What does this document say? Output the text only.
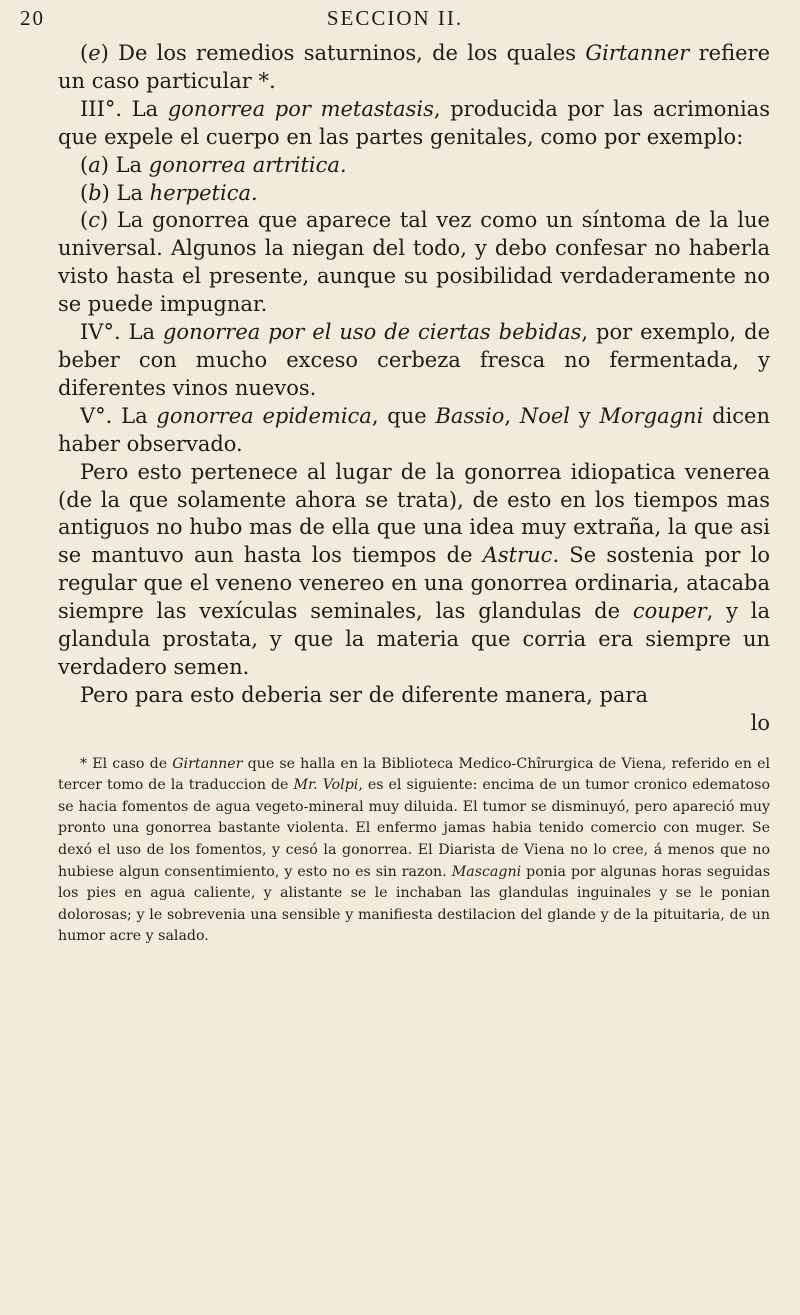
20	SECCION II.

(e) De los remedios saturninos, de los quales Girtanner refiere un caso particular *.

III°. La gonorrea por metastasis, producida por las acrimonias que expele el cuerpo en las partes genitales, como por exemplo:

(a) La gonorrea artritica.

(b) La herpetica.

(c) La gonorrea que aparece tal vez como un síntoma de la lue universal. Algunos la niegan del todo, y debo confesar no haberla visto hasta el presente, aunque su posibilidad verdaderamente no se puede impugnar.

IV°. La gonorrea por el uso de ciertas bebidas, por exemplo, de beber con mucho exceso cerbeza fresca no fermentada, y diferentes vinos nuevos.

V°. La gonorrea epidemica, que Bassio, Noel y Morgagni dicen haber observado.

Pero esto pertenece al lugar de la gonorrea idiopatica venerea (de la que solamente ahora se trata), de esto en los tiempos mas antiguos no hubo mas de ella que una idea muy extraña, la que asi se mantuvo aun hasta los tiempos de Astruc. Se sostenia por lo regular que el veneno venereo en una gonorrea ordinaria, atacaba siempre las vexículas seminales, las glandulas de couper, y la glandula prostata, y que la materia que corria era siempre un verdadero semen.

Pero para esto deberia ser de diferente manera, para

lo

* El caso de Girtanner que se halla en la Biblioteca Medico-Chîrurgica de Viena, referido en el tercer tomo de la traduccion de Mr. Volpi, es el siguiente: encima de un tumor cronico edematoso se hacia fomentos de agua vegeto-mineral muy diluida. El tumor se disminuyó, pero apareció muy pronto una gonorrea bastante violenta. El enfermo jamas habia tenido comercio con muger. Se dexó el uso de los fomentos, y cesó la gonorrea. El Diarista de Viena no lo cree, á menos que no hubiese algun consentimiento, y esto no es sin razon. Mascagni ponia por algunas horas seguidas los pies en agua caliente, y alistante se le inchaban las glandulas inguinales y se le ponian dolorosas; y le sobrevenia una sensible y manifiesta destilacion del glande y de la pituitaria, de un humor acre y salado.
